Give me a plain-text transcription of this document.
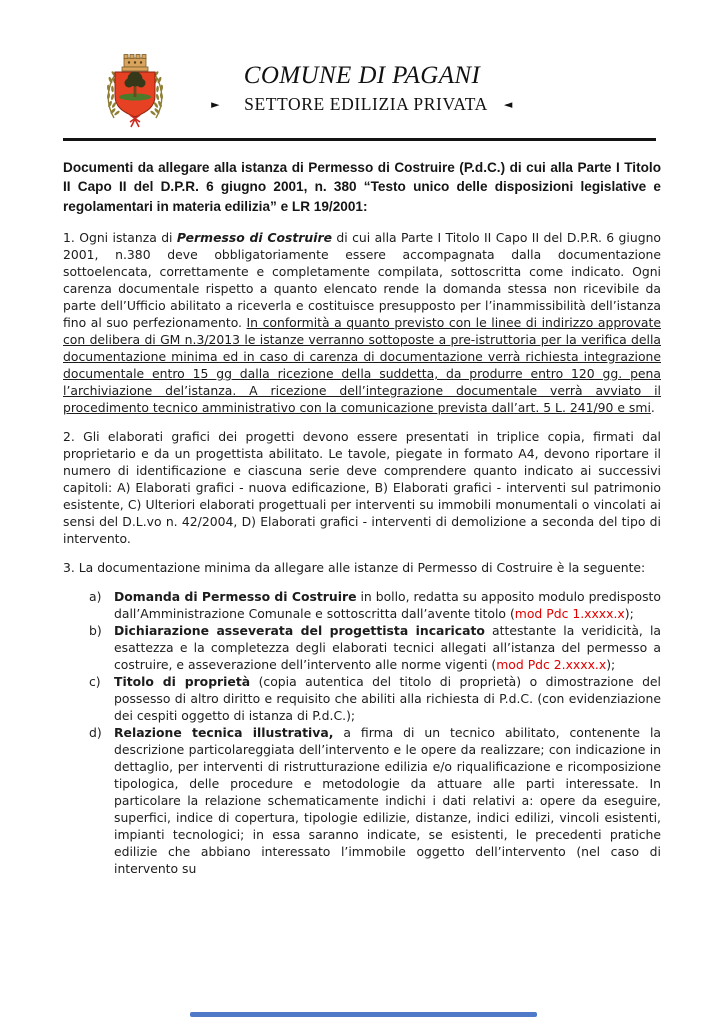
COMUNE DI PAGANI
► SETTORE EDILIZIA PRIVATA ◄

Documenti da allegare alla istanza di Permesso di Costruire (P.d.C.) di cui alla Parte I Titolo II Capo II del D.P.R. 6 giugno 2001, n. 380 “Testo unico delle disposizioni legislative e regolamentari in materia edilizia” e LR 19/2001:

1. Ogni istanza di Permesso di Costruire di cui alla Parte I Titolo II Capo II del D.P.R. 6 giugno 2001, n.380 deve obbligatoriamente essere accompagnata dalla documentazione sottoelencata, correttamente e completamente compilata, sottoscritta come indicato. Ogni carenza documentale rispetto a quanto elencato rende la domanda stessa non ricevibile da parte dell’Ufficio abilitato a riceverla e costituisce presupposto per l’inammissibilità dell’istanza fino al suo perfezionamento. In conformità a quanto previsto con le linee di indirizzo approvate con delibera di GM n.3/2013 le istanze verranno sottoposte a pre-istruttoria per la verifica della documentazione minima ed in caso di carenza di documentazione verrà richiesta integrazione documentale entro 15 gg dalla ricezione della suddetta, da produrre entro 120 gg. pena l’archiviazione del’istanza. A ricezione dell’integrazione documentale verrà avviato il procedimento tecnico amministrativo con la comunicazione prevista dall’art. 5 L. 241/90 e smi.

2. Gli elaborati grafici dei progetti devono essere presentati in triplice copia, firmati dal proprietario e da un progettista abilitato. Le tavole, piegate in formato A4, devono riportare il numero di identificazione e ciascuna serie deve comprendere quanto indicato ai successivi capitoli: A) Elaborati grafici - nuova edificazione, B) Elaborati grafici - interventi sul patrimonio esistente, C) Ulteriori elaborati progettuali per interventi su immobili monumentali o vincolati ai sensi del D.L.vo n. 42/2004, D) Elaborati grafici - interventi di demolizione a seconda del tipo di intervento.

3. La documentazione minima da allegare alle istanze di Permesso di Costruire è la seguente:

a)	Domanda di Permesso di Costruire in bollo, redatta su apposito modulo predisposto dall’Amministrazione Comunale e sottoscritta dall’avente titolo (mod Pdc 1.xxxx.x);
b) Dichiarazione asseverata del progettista incaricato attestante la veridicità, la esattezza e la completezza degli elaborati tecnici allegati all’istanza del permesso a costruire, e asseverazione dell’intervento alle norme vigenti (mod Pdc 2.xxxx.x);
c)	Titolo di proprietà (copia autentica del titolo di proprietà) o dimostrazione del possesso di altro diritto e requisito che abiliti alla richiesta di P.d.C. (con evidenziazione dei cespiti oggetto di istanza di P.d.C.);
d) Relazione tecnica illustrativa, a firma di un tecnico abilitato, contenente la descrizione particolareggiata dell’intervento e le opere da realizzare; con indicazione in dettaglio, per interventi di ristrutturazione edilizia e/o riqualificazione e ricomposizione tipologica, delle procedure e metodologie da attuare alle parti interessate. In particolare la relazione schematicamente indichi i dati relativi a: opere da eseguire, superfici, indice di copertura, tipologie edilizie, distanze, indici edilizi, vincoli esistenti, impianti tecnologici; in essa saranno indicate, se esistenti, le precedenti pratiche edilizie che abbiano interessato l’immobile oggetto dell’intervento (nel caso di intervento su
